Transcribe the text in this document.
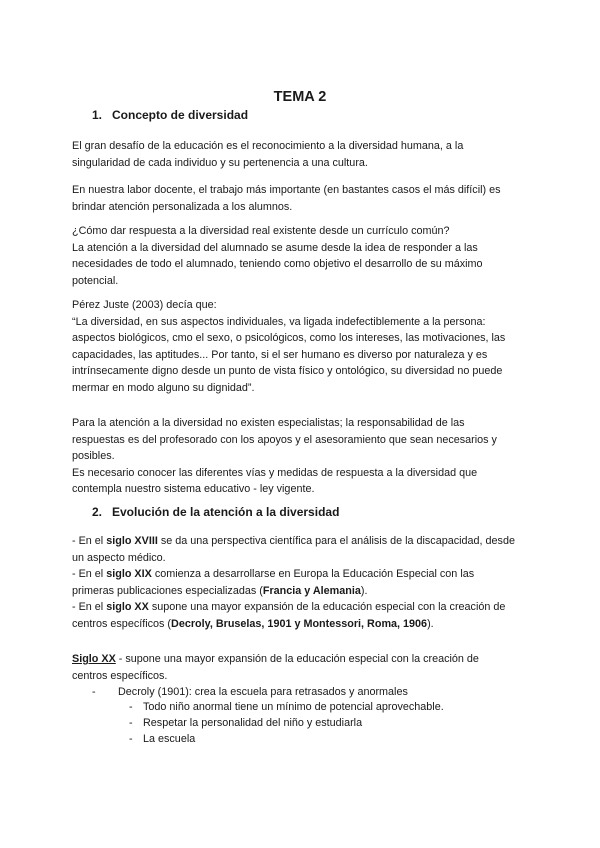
TEMA 2
1. Concepto de diversidad
El gran desafío de la educación es el reconocimiento a la diversidad humana, a la
singularidad de cada individuo y su pertenencia a una cultura.
En nuestra labor docente, el trabajo más importante (en bastantes casos el más difícil) es
brindar atención personalizada a los alumnos.
¿Cómo dar respuesta a la diversidad real existente desde un currículo común?
La atención a la diversidad del alumnado se asume desde la idea de responder a las
necesidades de todo el alumnado, teniendo como objetivo el desarrollo de su máximo
potencial.
Pérez Juste (2003) decía que:
“La diversidad, en sus aspectos individuales, va ligada indefectiblemente a la persona:
aspectos biológicos, cmo el sexo, o psicológicos, como los intereses, las motivaciones, las
capacidades, las aptitudes... Por tanto, si el ser humano es diverso por naturaleza y es
intrínsecamente digno desde un punto de vista físico y ontológico, su diversidad no puede
mermar en modo alguno su dignidad”.
Para la atención a la diversidad no existen especialistas; la responsabilidad de las
respuestas es del profesorado con los apoyos y el asesoramiento que sean necesarios y
posibles.
Es necesario conocer las diferentes vías y medidas de respuesta a la diversidad que
contempla nuestro sistema educativo - ley vigente.
2. Evolución de la atención a la diversidad
- En el siglo XVIII se da una perspectiva científica para el análisis de la discapacidad, desde
un aspecto médico.
- En el siglo XIX comienza a desarrollarse en Europa la Educación Especial con las
primeras publicaciones especializadas (Francia y Alemania).
- En el siglo XX supone una mayor expansión de la educación especial con la creación de
centros específicos (Decroly, Bruselas, 1901 y Montessori, Roma, 1906).
Siglo XX - supone una mayor expansión de la educación especial con la creación de
centros específicos.
- Decroly (1901): crea la escuela para retrasados y anormales
- Todo niño anormal tiene un mínimo de potencial aprovechable.
- Respetar la personalidad del niño y estudiarla
- La escuela
